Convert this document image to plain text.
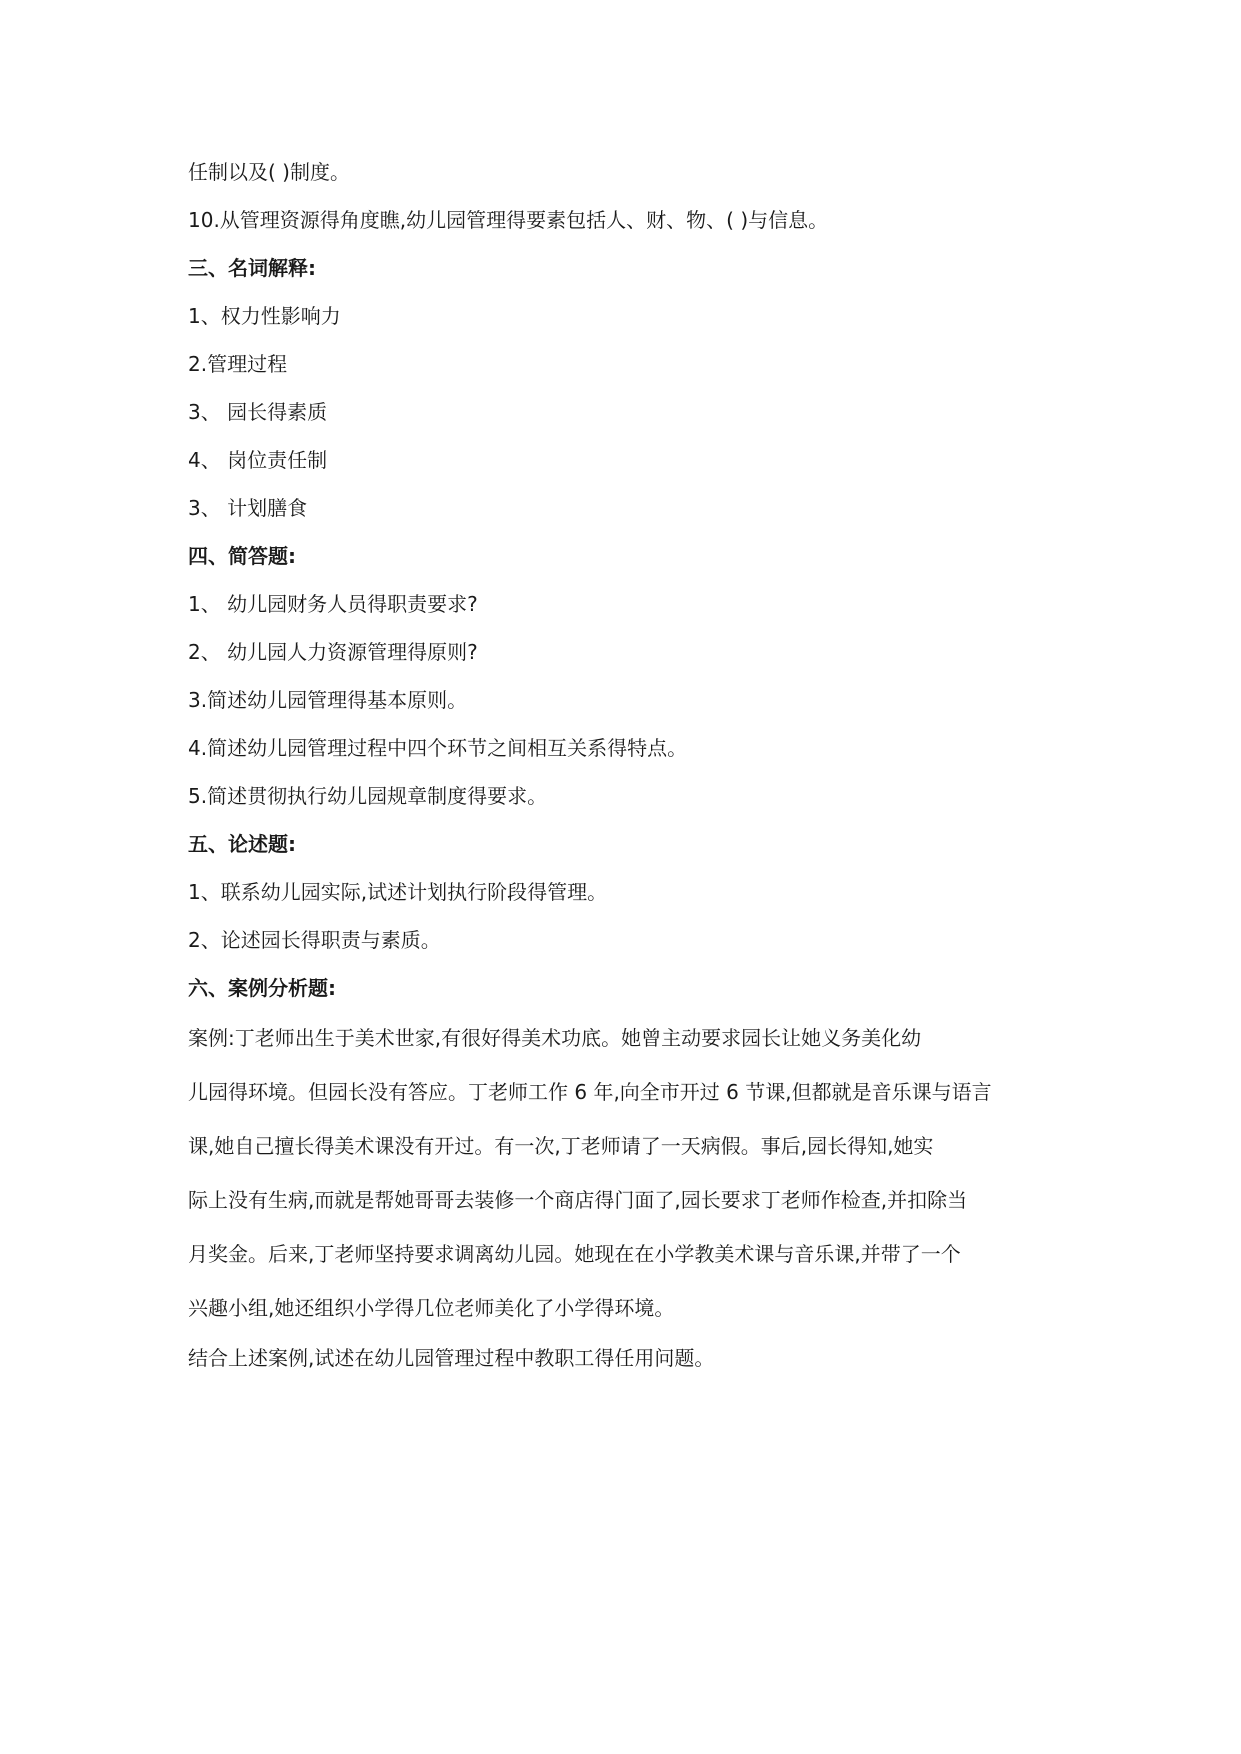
任制以及( )制度。
10.从管理资源得角度瞧,幼儿园管理得要素包括人、财、物、( )与信息。
三、名词解释:
1、权力性影响力
2.管理过程
3、 园长得素质
4、 岗位责任制
3、 计划膳食
四、简答题:
1、 幼儿园财务人员得职责要求?
2、 幼儿园人力资源管理得原则?
3.简述幼儿园管理得基本原则。
4.简述幼儿园管理过程中四个环节之间相互关系得特点。
5.简述贯彻执行幼儿园规章制度得要求。
五、论述题:
1、联系幼儿园实际,试述计划执行阶段得管理。
2、论述园长得职责与素质。
六、案例分析题:
案例:丁老师出生于美术世家,有很好得美术功底。她曾主动要求园长让她义务美化幼
儿园得环境。但园长没有答应。丁老师工作 6 年,向全市开过 6 节课,但都就是音乐课与语言
课,她自己擅长得美术课没有开过。有一次,丁老师请了一天病假。事后,园长得知,她实
际上没有生病,而就是帮她哥哥去装修一个商店得门面了,园长要求丁老师作检查,并扣除当
月奖金。后来,丁老师坚持要求调离幼儿园。她现在在小学教美术课与音乐课,并带了一个
兴趣小组,她还组织小学得几位老师美化了小学得环境。
结合上述案例,试述在幼儿园管理过程中教职工得任用问题。
